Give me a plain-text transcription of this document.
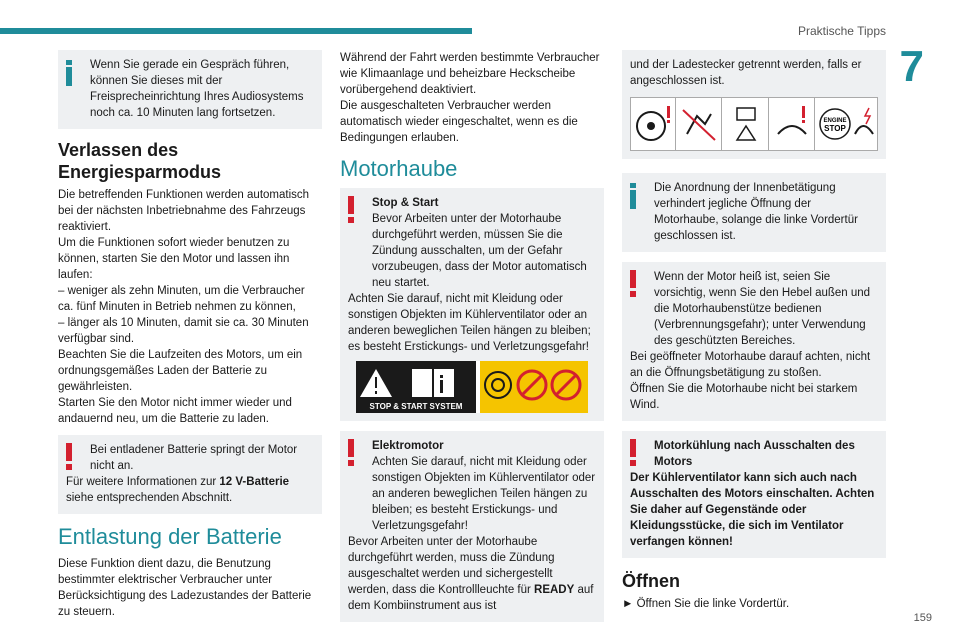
Praktische Tipps
7

Wenn Sie gerade ein Gespräch führen, können Sie dieses mit der Freisprecheinrichtung Ihres Audiosystems noch ca. 10 Minuten lang fortsetzen.

Verlassen des Energiesparmodus

Die betreffenden Funktionen werden automatisch bei der nächsten Inbetriebnahme des Fahrzeugs reaktiviert.

Um die Funktionen sofort wieder benutzen zu können, starten Sie den Motor und lassen ihn laufen:

– weniger als zehn Minuten, um die Verbraucher ca. fünf Minuten in Betrieb nehmen zu können,

– länger als 10 Minuten, damit sie ca. 30 Minuten verfügbar sind.

Beachten Sie die Laufzeiten des Motors, um ein ordnungsgemäßes Laden der Batterie zu gewährleisten.

Starten Sie den Motor nicht immer wieder und andauernd neu, um die Batterie zu laden.

Bei entladener Batterie springt der Motor nicht an.

Für weitere Informationen zur 12 V-Batterie siehe entsprechenden Abschnitt.

Entlastung der Batterie

Diese Funktion dient dazu, die Benutzung bestimmter elektrischer Verbraucher unter Berücksichtigung des Ladezustandes der Batterie zu steuern.

Während der Fahrt werden bestimmte Verbraucher wie Klimaanlage und beheizbare Heckscheibe vorübergehend deaktiviert.

Die ausgeschalteten Verbraucher werden automatisch wieder eingeschaltet, wenn es die Bedingungen erlauben.

Motorhaube

Stop & Start

Bevor Arbeiten unter der Motorhaube durchgeführt werden, müssen Sie die Zündung ausschalten, um der Gefahr vorzubeugen, dass der Motor automatisch neu startet.

Achten Sie darauf, nicht mit Kleidung oder sonstigen Objekten im Kühlerventilator oder an anderen beweglichen Teilen hängen zu bleiben; es besteht Erstickungs- und Verletzungsgefahr!

STOP & START SYSTEM

Elektromotor

Achten Sie darauf, nicht mit Kleidung oder sonstigen Objekten im Kühlerventilator oder an anderen beweglichen Teilen hängen zu bleiben; es besteht Erstickungs- und Verletzungsgefahr!

Bevor Arbeiten unter der Motorhaube durchgeführt werden, muss die Zündung ausgeschaltet werden und sichergestellt werden, dass die Kontrollleuchte für READY auf dem Kombiinstrument aus ist

und der Ladestecker getrennt werden, falls er angeschlossen ist.

ENGINE
STOP

Die Anordnung der Innenbetätigung verhindert jegliche Öffnung der Motorhaube, solange die linke Vordertür geschlossen ist.

Wenn der Motor heiß ist, seien Sie vorsichtig, wenn Sie den Hebel außen und die Motorhaubenstütze bedienen (Verbrennungsgefahr); unter Verwendung des geschützten Bereiches.

Bei geöffneter Motorhaube darauf achten, nicht an die Öffnungsbetätigung zu stoßen.

Öffnen Sie die Motorhaube nicht bei starkem Wind.

Motorkühlung nach Ausschalten des Motors

Der Kühlerventilator kann sich auch nach Ausschalten des Motors einschalten. Achten Sie daher auf Gegenstände oder Kleidungsstücke, die sich im Ventilator verfangen können!

Öffnen

► Öffnen Sie die linke Vordertür.

159
